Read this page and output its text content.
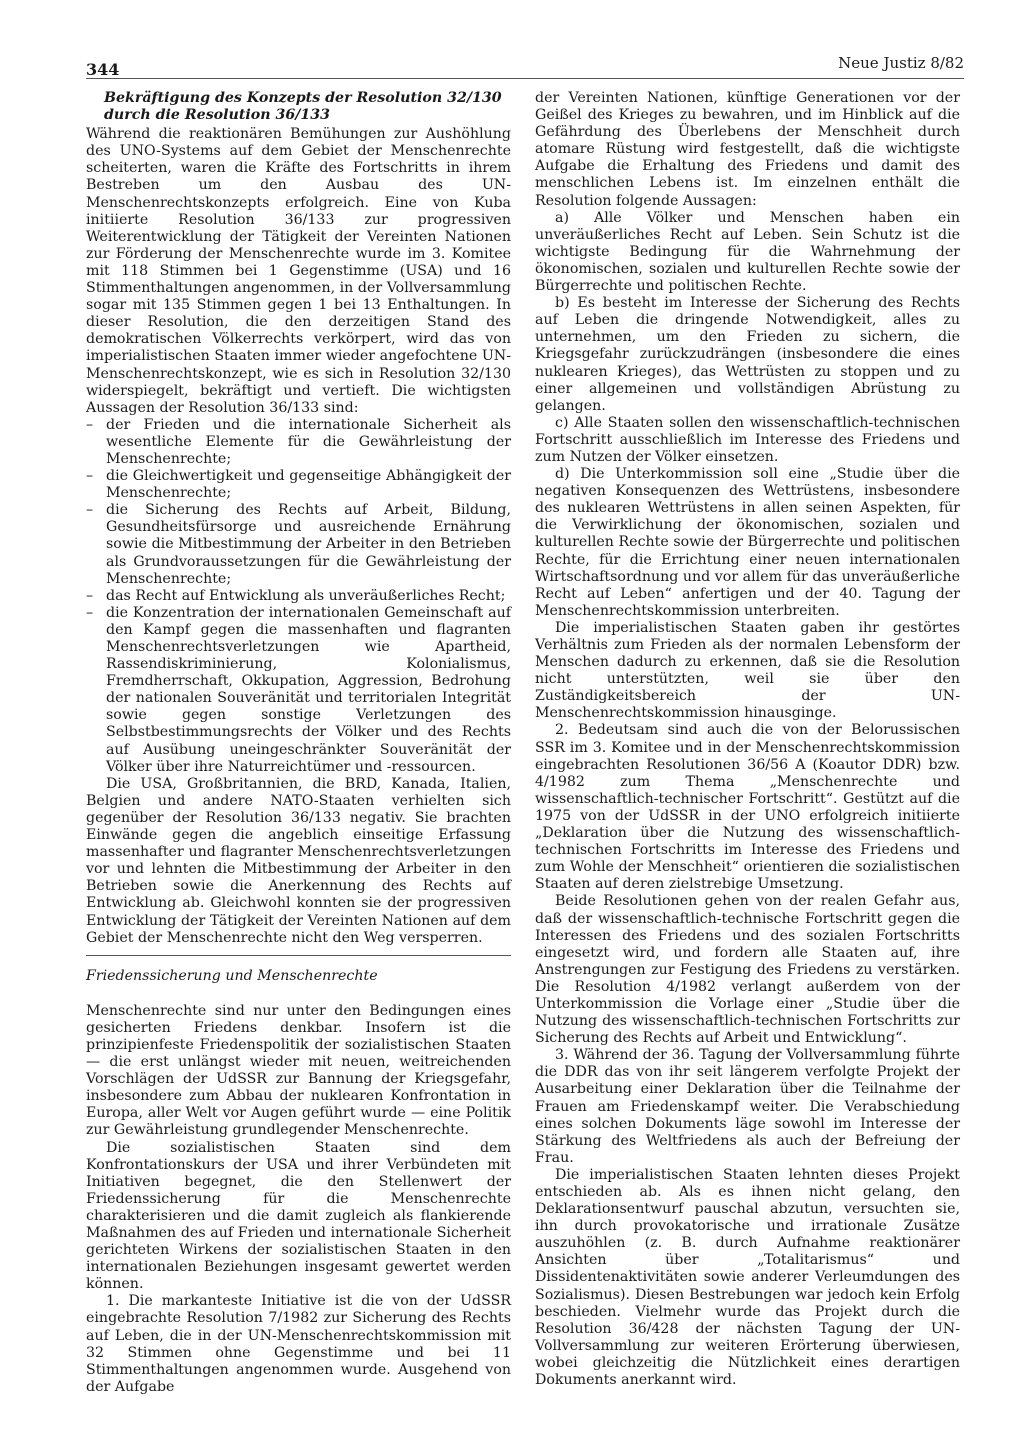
344	Neue Justiz 8/82
Bekräftigung des Konzepts der Resolution 32/130 durch die Resolution 36/133

Während die reaktionären Bemühungen zur Aushöhlung des UNO-Systems auf dem Gebiet der Menschenrechte scheiterten, waren die Kräfte des Fortschritts in ihrem Bestreben um den Ausbau des UN-Menschenrechtskonzepts erfolgreich. Eine von Kuba initiierte Resolution 36/133 zur progressiven Weiterentwicklung der Tätigkeit der Vereinten Nationen zur Förderung der Menschenrechte wurde im 3. Komitee mit 118 Stimmen bei 1 Gegenstimme (USA) und 16 Stimmenthaltungen angenommen, in der Vollversammlung sogar mit 135 Stimmen gegen 1 bei 13 Enthaltungen. In dieser Resolution, die den derzeitigen Stand des demokratischen Völkerrechts verkörpert, wird das von imperialistischen Staaten immer wieder angefochtene UN-Menschenrechtskonzept, wie es sich in Resolution 32/130 widerspiegelt, bekräftigt und vertieft. Die wichtigsten Aussagen der Resolution 36/133 sind:

– der Frieden und die internationale Sicherheit als wesentliche Elemente für die Gewährleistung der Menschenrechte;
– die Gleichwertigkeit und gegenseitige Abhängigkeit der Menschenrechte;
– die Sicherung des Rechts auf Arbeit, Bildung, Gesundheitsfürsorge und ausreichende Ernährung sowie die Mitbestimmung der Arbeiter in den Betrieben als Grundvoraussetzungen für die Gewährleistung der Menschenrechte;
– das Recht auf Entwicklung als unveräußerliches Recht;
– die Konzentration der internationalen Gemeinschaft auf den Kampf gegen die massenhaften und flagranten Menschenrechtsverletzungen wie Apartheid, Rassendiskriminierung, Kolonialismus, Fremdherrschaft, Okkupation, Aggression, Bedrohung der nationalen Souveränität und territorialen Integrität sowie gegen sonstige Verletzungen des Selbstbestimmungsrechts der Völker und des Rechts auf Ausübung uneingeschränkter Souveränität der Völker über ihre Naturreichtümer und -ressourcen.

Die USA, Großbritannien, die BRD, Kanada, Italien, Belgien und andere NATO-Staaten verhielten sich gegenüber der Resolution 36/133 negativ. Sie brachten Einwände gegen die angeblich einseitige Erfassung massenhafter und flagranter Menschenrechtsverletzungen vor und lehnten die Mitbestimmung der Arbeiter in den Betrieben sowie die Anerkennung des Rechts auf Entwicklung ab. Gleichwohl konnten sie der progressiven Entwicklung der Tätigkeit der Vereinten Nationen auf dem Gebiet der Menschenrechte nicht den Weg versperren.

Friedenssicherung und Menschenrechte

Menschenrechte sind nur unter den Bedingungen eines gesicherten Friedens denkbar. Insofern ist die prinzipienfeste Friedenspolitik der sozialistischen Staaten — die erst unlängst wieder mit neuen, weitreichenden Vorschlägen der UdSSR zur Bannung der Kriegsgefahr, insbesondere zum Abbau der nuklearen Konfrontation in Europa, aller Welt vor Augen geführt wurde — eine Politik zur Gewährleistung grundlegender Menschenrechte.

Die sozialistischen Staaten sind dem Konfrontationskurs der USA und ihrer Verbündeten mit Initiativen begegnet, die den Stellenwert der Friedenssicherung für die Menschenrechte charakterisieren und die damit zugleich als flankierende Maßnahmen des auf Frieden und internationale Sicherheit gerichteten Wirkens der sozialistischen Staaten in den internationalen Beziehungen insgesamt gewertet werden können.

1. Die markanteste Initiative ist die von der UdSSR eingebrachte Resolution 7/1982 zur Sicherung des Rechts auf Leben, die in der UN-Menschenrechtskommission mit 32 Stimmen ohne Gegenstimme und bei 11 Stimmenthaltungen angenommen wurde. Ausgehend von der Aufgabe

der Vereinten Nationen, künftige Generationen vor der Geißel des Krieges zu bewahren, und im Hinblick auf die Gefährdung des Überlebens der Menschheit durch atomare Rüstung wird festgestellt, daß die wichtigste Aufgabe die Erhaltung des Friedens und damit des menschlichen Lebens ist. Im einzelnen enthält die Resolution folgende Aussagen:

a) Alle Völker und Menschen haben ein unveräußerliches Recht auf Leben. Sein Schutz ist die wichtigste Bedingung für die Wahrnehmung der ökonomischen, sozialen und kulturellen Rechte sowie der Bürgerrechte und politischen Rechte.

b) Es besteht im Interesse der Sicherung des Rechts auf Leben die dringende Notwendigkeit, alles zu unternehmen, um den Frieden zu sichern, die Kriegsgefahr zurückzudrängen (insbesondere die eines nuklearen Krieges), das Wettrüsten zu stoppen und zu einer allgemeinen und vollständigen Abrüstung zu gelangen.

c) Alle Staaten sollen den wissenschaftlich-technischen Fortschritt ausschließlich im Interesse des Friedens und zum Nutzen der Völker einsetzen.

d) Die Unterkommission soll eine „Studie über die negativen Konsequenzen des Wettrüstens, insbesondere des nuklearen Wettrüstens in allen seinen Aspekten, für die Verwirklichung der ökonomischen, sozialen und kulturellen Rechte sowie der Bürgerrechte und politischen Rechte, für die Errichtung einer neuen internationalen Wirtschaftsordnung und vor allem für das unveräußerliche Recht auf Leben“ anfertigen und der 40. Tagung der Menschenrechtskommission unterbreiten.

Die imperialistischen Staaten gaben ihr gestörtes Verhältnis zum Frieden als der normalen Lebensform der Menschen dadurch zu erkennen, daß sie die Resolution nicht unterstützten, weil sie über den Zuständigkeitsbereich der UN-Menschenrechtskommission hinausginge.

2. Bedeutsam sind auch die von der Belorussischen SSR im 3. Komitee und in der Menschenrechtskommission eingebrachten Resolutionen 36/56 A (Koautor DDR) bzw. 4/1982 zum Thema „Menschenrechte und wissenschaftlich-technischer Fortschritt“. Gestützt auf die 1975 von der UdSSR in der UNO erfolgreich initiierte „Deklaration über die Nutzung des wissenschaftlich-technischen Fortschritts im Interesse des Friedens und zum Wohle der Menschheit“ orientieren die sozialistischen Staaten auf deren zielstrebige Umsetzung.

Beide Resolutionen gehen von der realen Gefahr aus, daß der wissenschaftlich-technische Fortschritt gegen die Interessen des Friedens und des sozialen Fortschritts eingesetzt wird, und fordern alle Staaten auf, ihre Anstrengungen zur Festigung des Friedens zu verstärken. Die Resolution 4/1982 verlangt außerdem von der Unterkommission die Vorlage einer „Studie über die Nutzung des wissenschaftlich-technischen Fortschritts zur Sicherung des Rechts auf Arbeit und Entwicklung“.

3. Während der 36. Tagung der Vollversammlung führte die DDR das von ihr seit längerem verfolgte Projekt der Ausarbeitung einer Deklaration über die Teilnahme der Frauen am Friedenskampf weiter. Die Verabschiedung eines solchen Dokuments läge sowohl im Interesse der Stärkung des Weltfriedens als auch der Befreiung der Frau.

Die imperialistischen Staaten lehnten dieses Projekt entschieden ab. Als es ihnen nicht gelang, den Deklarationsentwurf pauschal abzutun, versuchten sie, ihn durch provokatorische und irrationale Zusätze auszuhöhlen (z. B. durch Aufnahme reaktionärer Ansichten über „Totalitarismus“ und Dissidentenaktivitäten sowie anderer Verleumdungen des Sozialismus). Diesen Bestrebungen war jedoch kein Erfolg beschieden. Vielmehr wurde das Projekt durch die Resolution 36/428 der nächsten Tagung der UN-Vollversammlung zur weiteren Erörterung überwiesen, wobei gleichzeitig die Nützlichkeit eines derartigen Dokuments anerkannt wird.
